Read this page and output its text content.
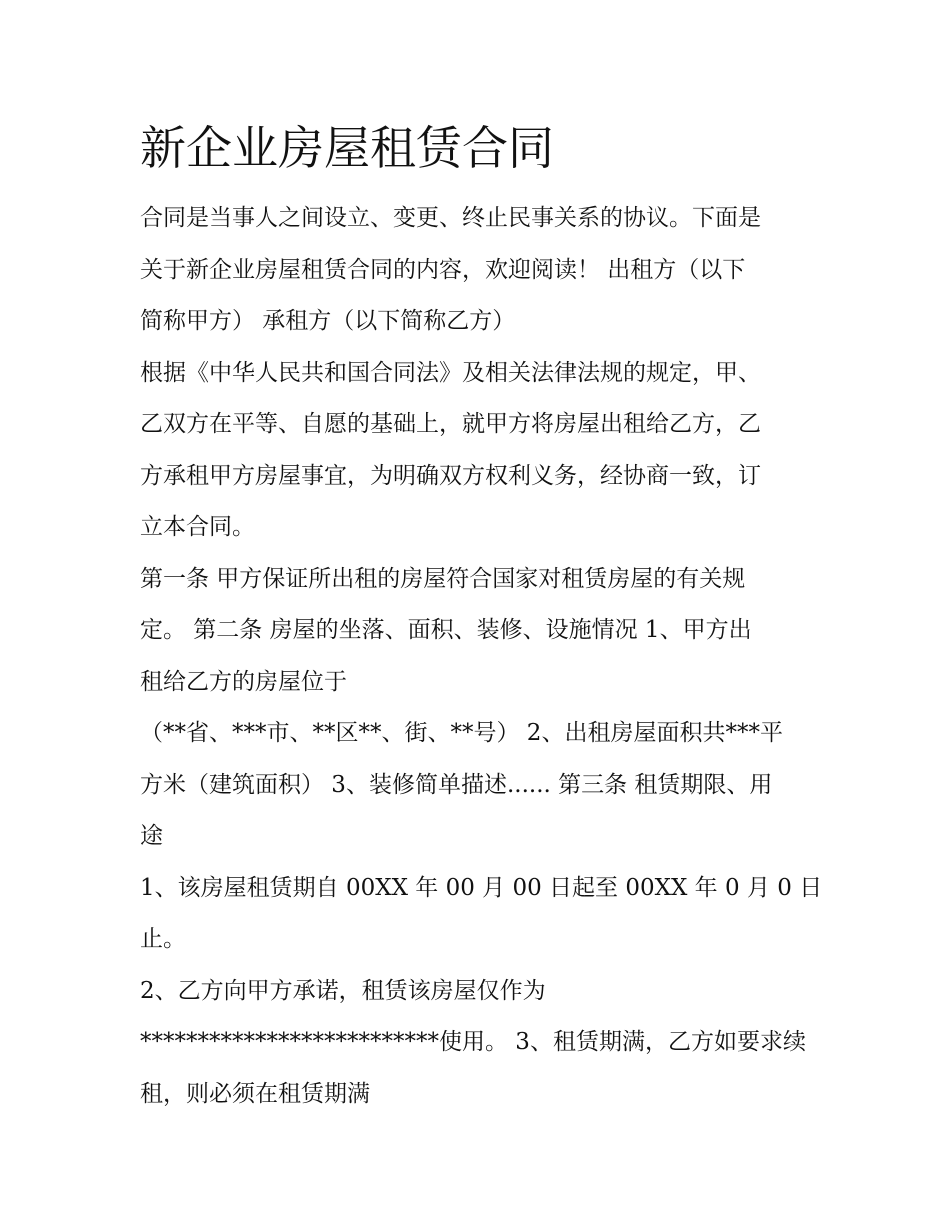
新企业房屋租赁合同
合同是当事人之间设立、变更、终止民事关系的协议。下面是
关于新企业房屋租赁合同的内容，欢迎阅读！ 出租方（以下
简称甲方） 承租方（以下简称乙方）
根据《中华人民共和国合同法》及相关法律法规的规定，甲、
乙双方在平等、自愿的基础上，就甲方将房屋出租给乙方，乙
方承租甲方房屋事宜，为明确双方权利义务，经协商一致，订
立本合同。
第一条 甲方保证所出租的房屋符合国家对租赁房屋的有关规
定。 第二条 房屋的坐落、面积、装修、设施情况 1、甲方出
租给乙方的房屋位于
（**省、***市、**区**、街、**号） 2、出租房屋面积共***平
方米（建筑面积） 3、装修简单描述...... 第三条 租赁期限、用
途
1、该房屋租赁期自 00XX 年 00 月 00 日起至 00XX 年 0 月 0 日
止。
2、乙方向甲方承诺，租赁该房屋仅作为
**************************使用。 3、租赁期满，乙方如要求续
租，则必须在租赁期满
